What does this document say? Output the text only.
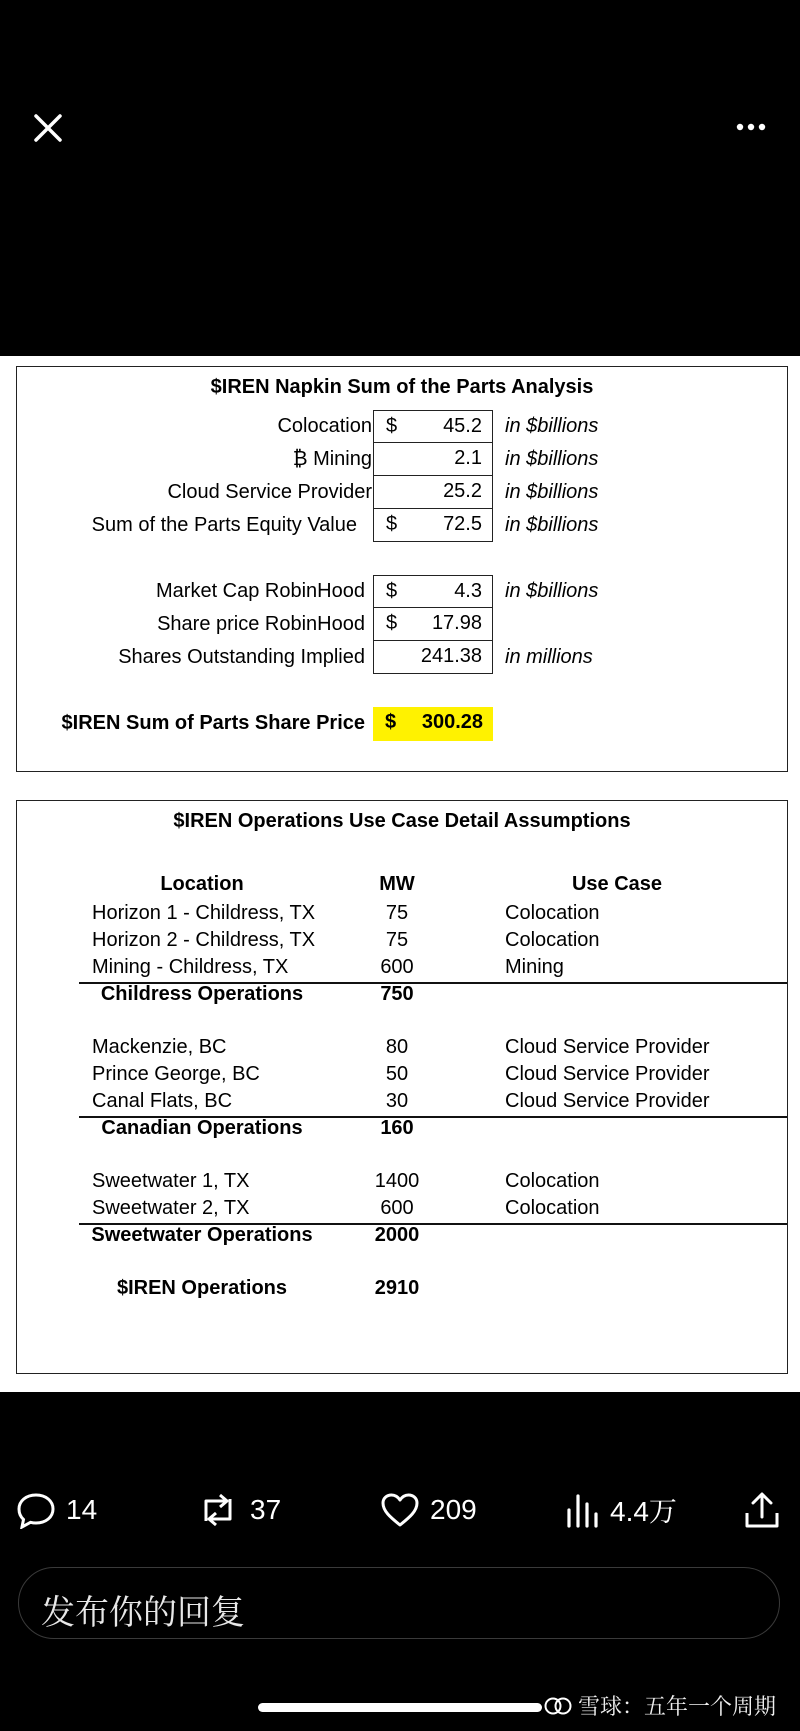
$IREN Napkin Sum of the Parts Analysis
Colocation $ 45.2 in $billions
₿ Mining	2.1 in $billions
Cloud Service Provider	25.2 in $billions
Sum of the Parts Equity Value $ 72.5 in $billions
Market Cap RobinHood $	4.3 in $billions
Share price RobinHood $ 17.98
Shares Outstanding Implied	241.38 in millions
$IREN Sum of Parts Share Price $ 300.28
$IREN Operations Use Case Detail Assumptions
Location	MW	Use Case
Horizon 1 - Childress, TX	75	Colocation
Horizon 2 - Childress, TX	75	Colocation
Mining - Childress, TX	600	Mining
Childress Operations	750
Mackenzie, BC	80	Cloud Service Provider
Prince George, BC	50	Cloud Service Provider
Canal Flats, BC	30	Cloud Service Provider
Canadian Operations	160
Sweetwater 1, TX	1400	Colocation
Sweetwater 2, TX	600	Colocation
Sweetwater Operations	2000
$IREN Operations	2910
14	37	209	4.4万
发布你的回复
雪球：五年一个周期
